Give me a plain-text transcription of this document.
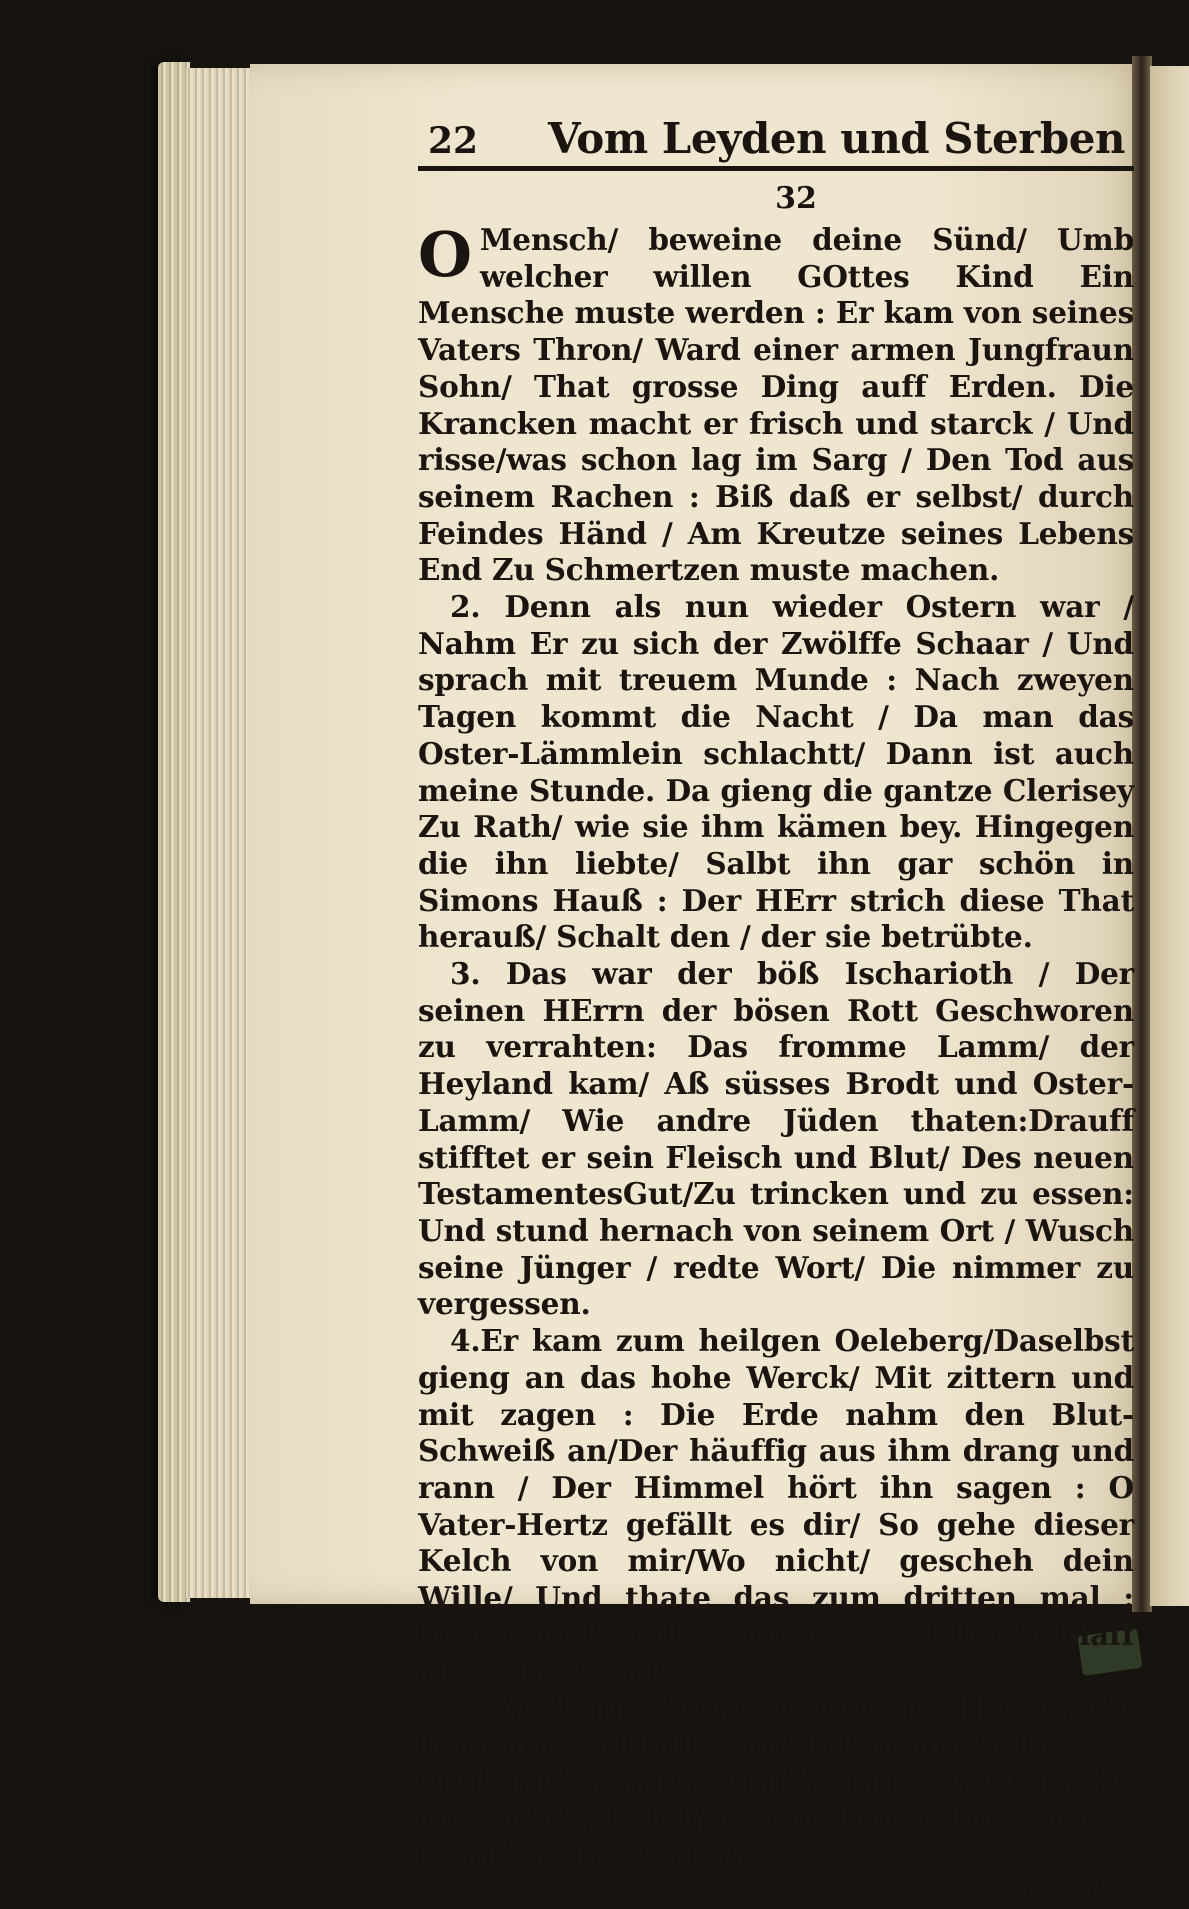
22 Vom Leyden und Sterben
32

O Mensch/ beweine deine Sünd/ Umb welcher willen GOttes Kind Ein Mensche muste werden : Er kam von seines Vaters Thron/ Ward einer armen Jungfraun Sohn/ That grosse Ding auff Erden. Die Krancken macht er frisch und starck / Und risse/was schon lag im Sarg / Den Tod aus seinem Rachen : Biß daß er selbst/ durch Feindes Händ / Am Kreutze seines Lebens End Zu Schmertzen muste machen.

2. Denn als nun wieder Ostern war / Nahm Er zu sich der Zwölffe Schaar / Und sprach mit treuem Munde : Nach zweyen Tagen kommt die Nacht / Da man das Oster-Lämmlein schlachtt/ Dann ist auch meine Stunde. Da gieng die gantze Clerisey Zu Rath/ wie sie ihm kämen bey. Hingegen die ihn liebte/ Salbt ihn gar schön in Simons Hauß : Der HErr strich diese That herauß/ Schalt den / der sie betrübte.

3. Das war der böß Ischarioth / Der seinen HErrn der bösen Rott Geschworen zu verrahten: Das fromme Lamm/ der Heyland kam/ Aß süsses Brodt und Oster-Lamm/ Wie andre Jüden thaten:Drauff stifftet er sein Fleisch und Blut/ Des neuen TestamentesGut/Zu trincken und zu essen: Und stund hernach von seinem Ort / Wusch seine Jünger / redte Wort/ Die nimmer zu vergessen.

4.Er kam zum heilgen Oeleberg/Daselbst gieng an das hohe Werck/ Mit zittern und mit zagen : Die Erde nahm den Blut-Schweiß an/Der häuffig aus ihm drang und rann / Der Himmel hört ihn sagen : O Vater-Hertz gefällt es dir/ So gehe dieser Kelch von mir/Wo nicht/ gescheh dein Wille/ Und thate das zum dritten mal : Indessen lag der Jünger zahl Im Schlaff und süsser Stille.

5. Ach! sprach das liebe treue Hertz / Ihr liegt und schlafft / mich hat der Schmertz Und Todes-Angst ümbfangen. Ach! wacht und betet / betet/ wacht/ Damit ihr von des Feindes Macht Nicht

werdet
